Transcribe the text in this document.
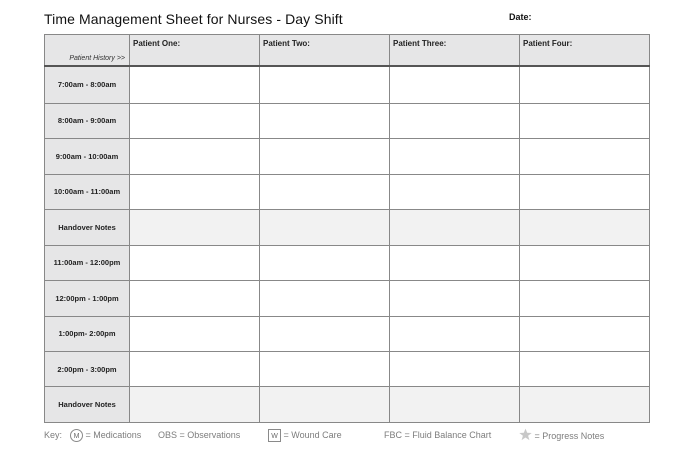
Time Management Sheet for Nurses - Day Shift	Date:
Patient History >>	Patient One:	Patient Two:	Patient Three:	Patient Four:

7:00am - 8:00am				
8:00am - 9:00am				
9:00am - 10:00am				
10:00am - 11:00am				
Handover Notes				
11:00am - 12:00pm				
12:00pm - 1:00pm				
1:00pm- 2:00pm				
2:00pm - 3:00pm				
Handover Notes				
Key:	M = Medications OBS = Observations	W = Wound Care	FBC = Fluid Balance Chart	= Progress Notes
